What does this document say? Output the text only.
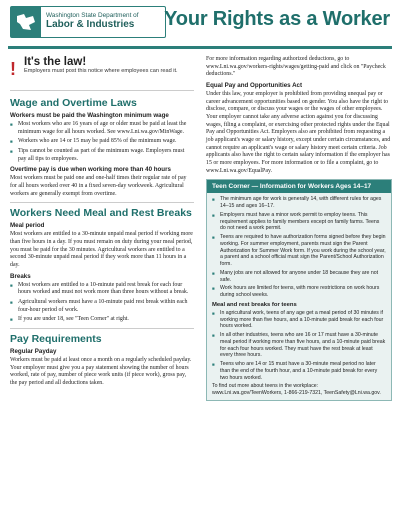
Washington State Department of
Labor & Industries Your Rights as a Worker
! It's the law!
Employers must post this notice where employees can read it.
Wage and Overtime Laws
Workers must be paid the Washington minimum wage
■ Most workers who are 16 years of age or older must be paid at least the minimum wage for all hours worked. See www.Lni.wa.gov/MinWage.
■ Workers who are 14 or 15 may be paid 85% of the minimum wage.
■ Tips cannot be counted as part of the minimum wage. Employers must pay all tips to employees.
Overtime pay is due when working more than 40 hours

Most workers must be paid one and one-half times their regular rate of pay for all hours worked over 40 in a fixed seven-day workweek. Agricultural workers are generally exempt from overtime.

Workers Need Meal and Rest Breaks
Meal period

Most workers are entitled to a 30-minute unpaid meal period if working more than five hours in a day. If you must remain on duty during your meal period, you must be paid for the 30 minutes. Agricultural workers are entitled to a second 30-minute unpaid meal period if they work more than 11 hours in a day.

Breaks
■ Most workers are entitled to a 10-minute paid rest break for each four hours worked and must not work more than three hours without a break.
■ Agricultural workers must have a 10-minute paid rest break within each four-hour period of work.
■ If you are under 18, see "Teen Corner" at right.
Pay Requirements
Regular Payday

Workers must be paid at least once a month on a regularly scheduled payday. Your employer must give you a pay statement showing the number of hours worked, rate of pay, number of piece work units (if piece work), gross pay, the pay period and all deductions taken.

For more information regarding authorized deductions, go to www.Lni.wa.gov/workers-rights/wages/getting-paid and click on "Paycheck deductions."

Equal Pay and Opportunities Act

Under this law, your employer is prohibited from providing unequal pay or career advancement opportunities based on gender. You also have the right to disclose, compare, or discuss your wages or the wages of other employees. Your employer cannot take any adverse action against you for discussing wages, filing a complaint, or exercising other protected rights under the Equal Pay and Opportunities Act. Employers also are prohibited from requesting a job applicant's wage or salary history, except under certain circumstances, and cannot require an applicant's wage or salary history meet certain criteria. Job applicants also have the right to certain salary information if the employer has 15 or more employees. For more information or to file a complaint, go to www.Lni.wa.gov/EqualPay.

Teen Corner — Information for Workers Ages 14–17
■ The minimum age for work is generally 14, with different rules for ages 14–15 and ages 16–17.
■ Employers must have a minor work permit to employ teens. This requirement applies to family members except on family farms. Teens do not need a work permit.
■ Teens are required to have authorization forms signed before they begin working. For summer employment, parents must sign the Parent Authorization for Summer Work form. If you work during the school year, a parent and a school official must sign the Parent/School Authorization form.
■ Many jobs are not allowed for anyone under 18 because they are not safe.
■ Work hours are limited for teens, with more restrictions on work hours during school weeks.
Meal and rest breaks for teens
■ In agricultural work, teens of any age get a meal period of 30 minutes if working more than five hours, and a 10-minute paid break for each four hours worked.
■ In all other industries, teens who are 16 or 17 must have a 30-minute meal period if working more than five hours, and a 10-minute paid break for each four hours worked. They must have the rest break at least every three hours.
■ Teens who are 14 or 15 must have a 30-minute meal period no later than the end of the fourth hour, and a 10-minute paid break for every two hours worked.
To find out more about teens in the workplace: www.Lni.wa.gov/TeenWorkers, 1-866-219-7321, TeenSafety@Lni.wa.gov.
